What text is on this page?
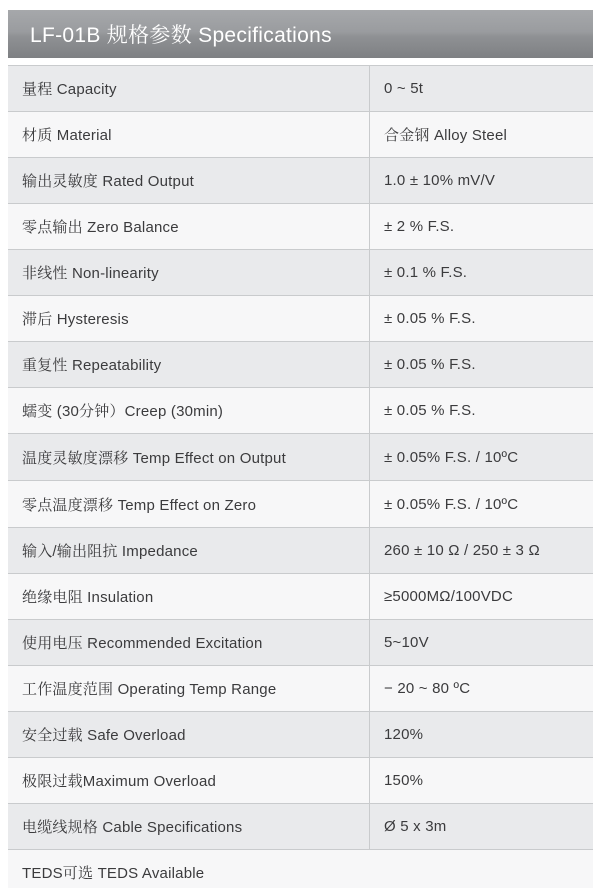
LF-01B 规格参数 Specifications
量程 Capacity	0 ~ 5t
材质 Material	合金钢 Alloy Steel
输出灵敏度 Rated Output	1.0 ± 10% mV/V
零点输出 Zero Balance	± 2 % F.S.
非线性 Non-linearity	± 0.1 % F.S.
滞后 Hysteresis	± 0.05 % F.S.
重复性 Repeatability	± 0.05 % F.S.
蠕变 (30分钟）Creep (30min)	± 0.05 % F.S.
温度灵敏度漂移 Temp Effect on Output	± 0.05% F.S. / 10ºC
零点温度漂移 Temp Effect on Zero	± 0.05% F.S. / 10ºC
输入/输出阻抗 Impedance	260 ± 10 Ω / 250 ± 3 Ω
绝缘电阻 Insulation	≥5000MΩ/100VDC
使用电压 Recommended Excitation	5~10V
工作温度范围 Operating Temp Range	− 20 ~ 80 ºC
安全过载 Safe Overload	120%
极限过载Maximum Overload	150%
电缆线规格 Cable Specifications	Ø 5 x 3m
TEDS可选 TEDS Available
